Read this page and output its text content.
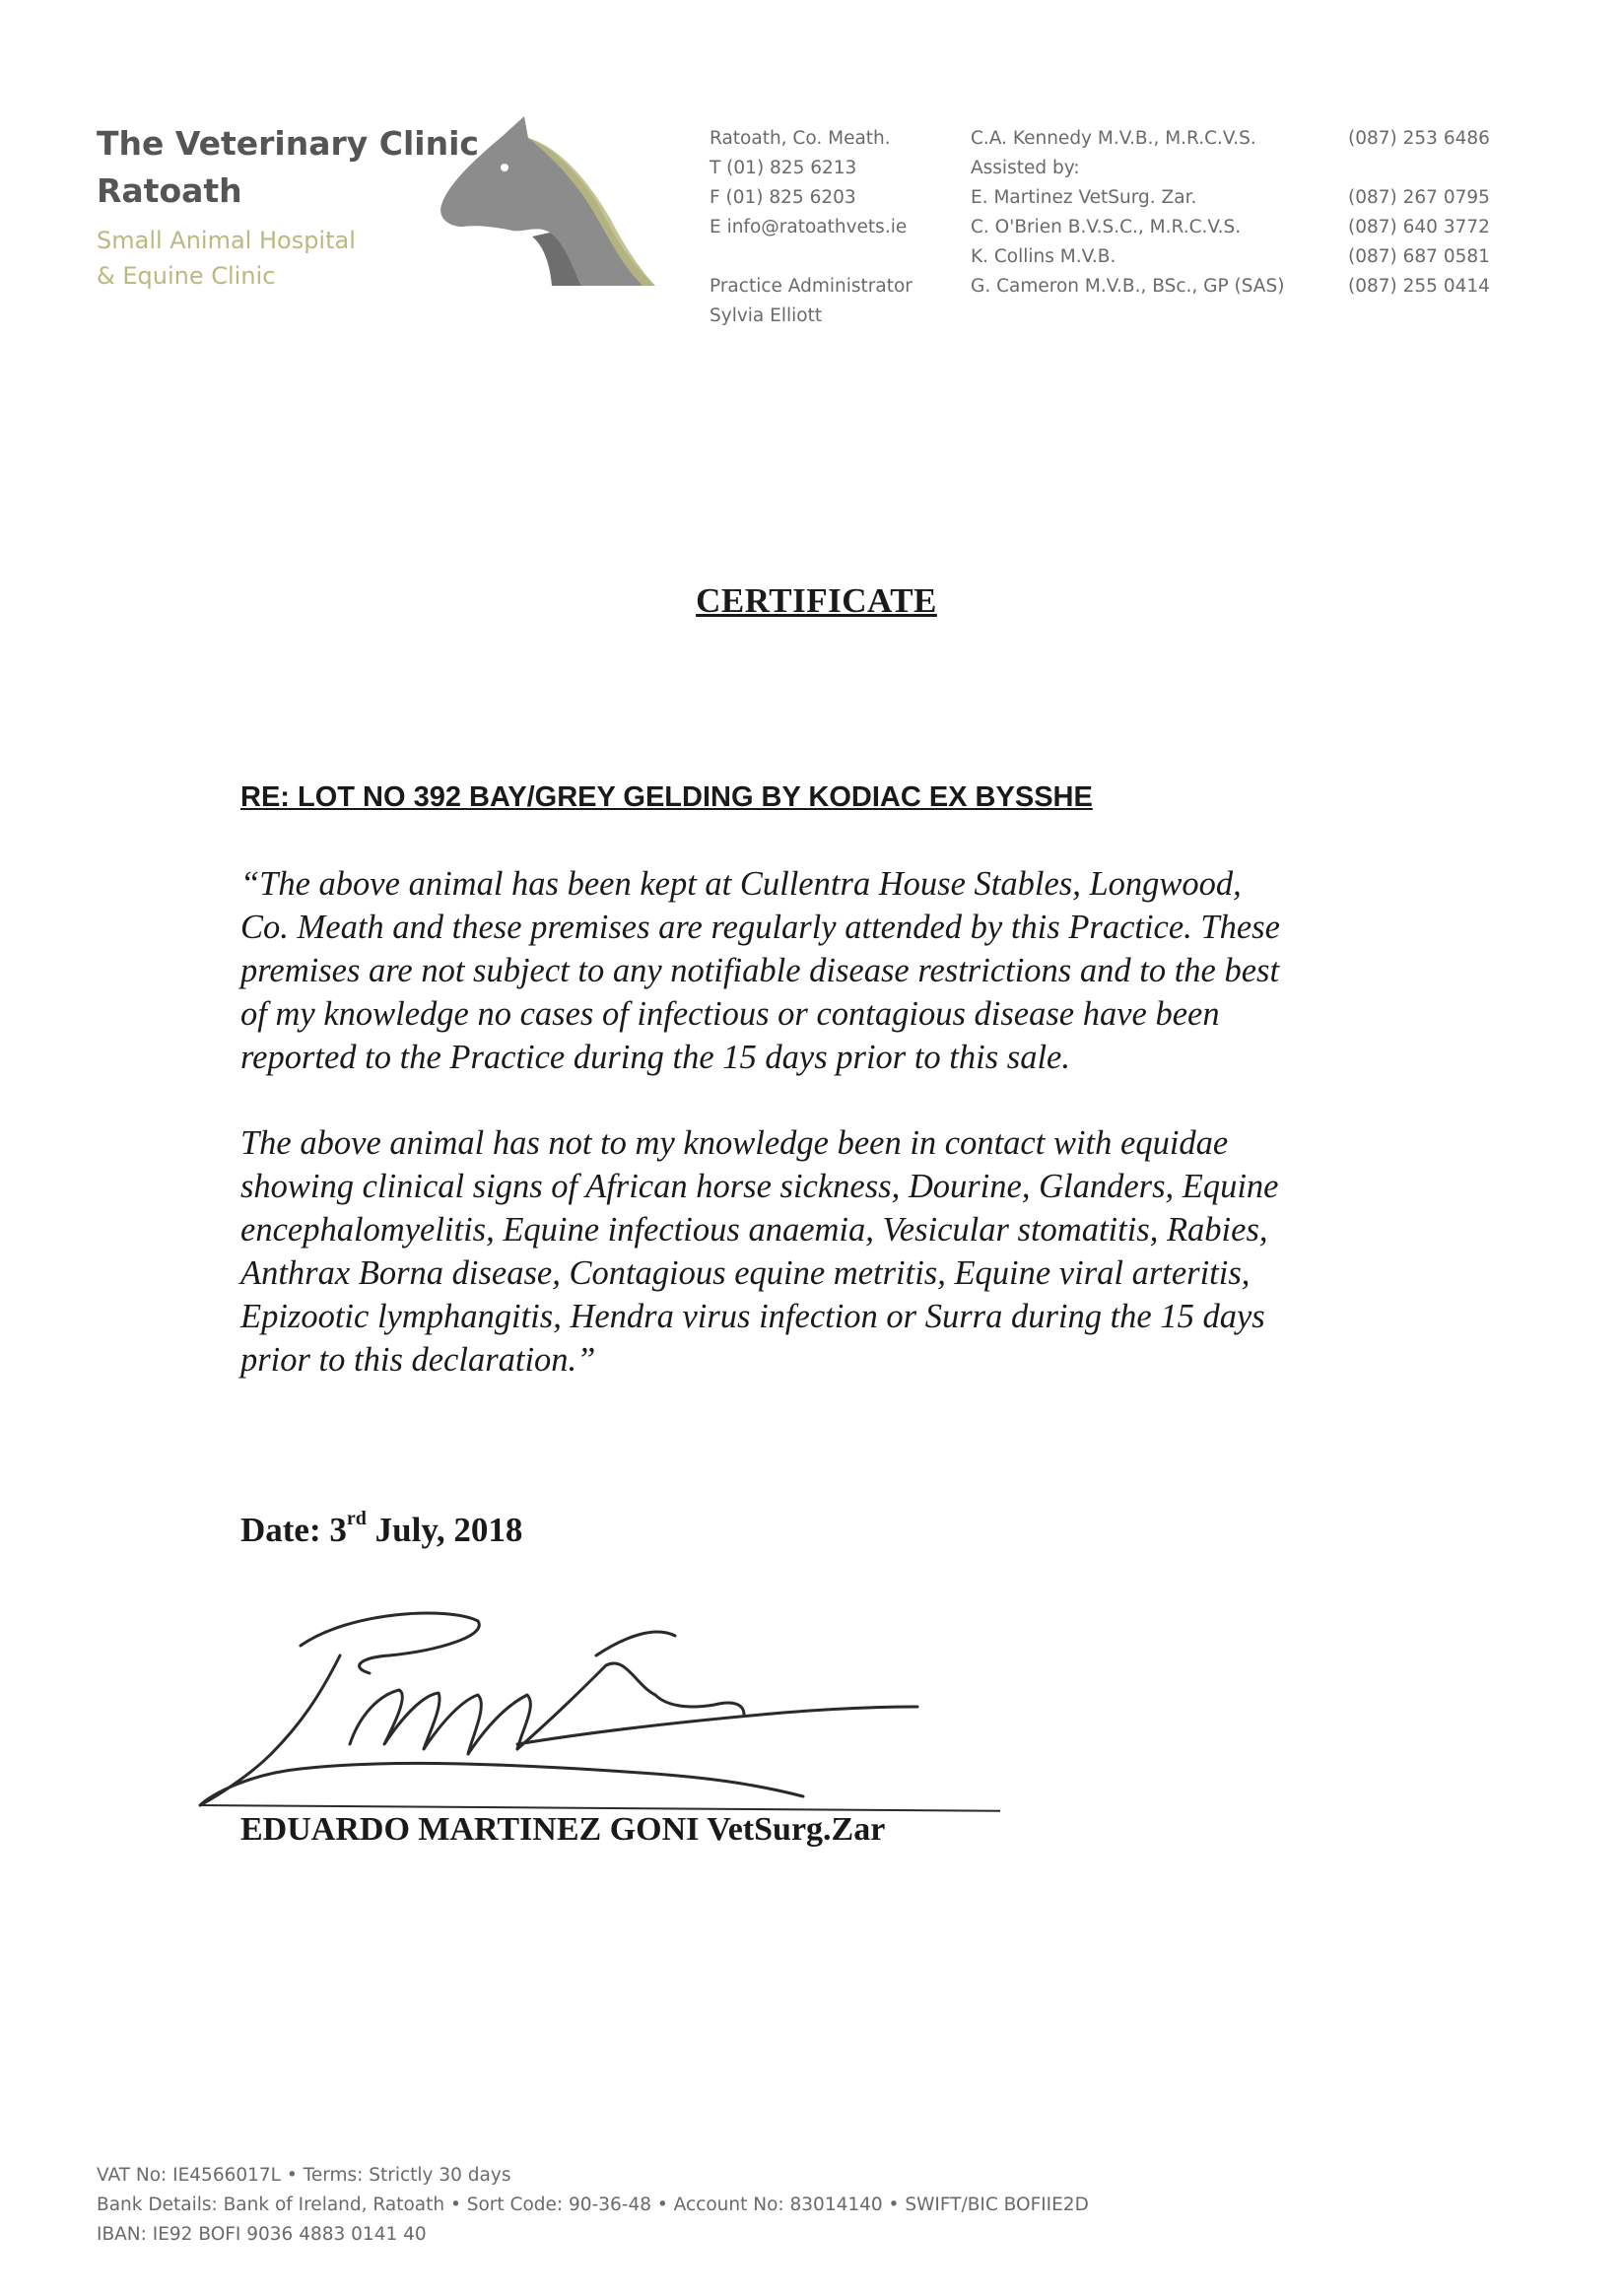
The Veterinary Clinic
Ratoath
Small Animal Hospital
& Equine Clinic
Ratoath, Co. Meath.
T (01) 825 6213
F (01) 825 6203
E info@ratoathvets.ie
Practice Administrator
Sylvia Elliott
C.A. Kennedy M.V.B., M.R.C.V.S.
Assisted by:
E. Martinez VetSurg. Zar.
C. O'Brien B.V.S.C., M.R.C.V.S.
K. Collins M.V.B.
G. Cameron M.V.B., BSc., GP (SAS)
(087) 253 6486
(087) 267 0795
(087) 640 3772
(087) 687 0581
(087) 255 0414
CERTIFICATE
RE: LOT NO 392 BAY/GREY GELDING BY KODIAC EX BYSSHE
“The above animal has been kept at Cullentra House Stables, Longwood,
Co. Meath and these premises are regularly attended by this Practice. These
premises are not subject to any notifiable disease restrictions and to the best
of my knowledge no cases of infectious or contagious disease have been
reported to the Practice during the 15 days prior to this sale.
The above animal has not to my knowledge been in contact with equidae
showing clinical signs of African horse sickness, Dourine, Glanders, Equine
encephalomyelitis, Equine infectious anaemia, Vesicular stomatitis, Rabies,
Anthrax Borna disease, Contagious equine metritis, Equine viral arteritis,
Epizootic lymphangitis, Hendra virus infection or Surra during the 15 days
prior to this declaration.”
Date: 3rd July, 2018
EDUARDO MARTINEZ GONI VetSurg.Zar
VAT No: IE4566017L • Terms: Strictly 30 days
Bank Details: Bank of Ireland, Ratoath • Sort Code: 90-36-48 • Account No: 83014140 • SWIFT/BIC BOFIIE2D
IBAN: IE92 BOFI 9036 4883 0141 40
